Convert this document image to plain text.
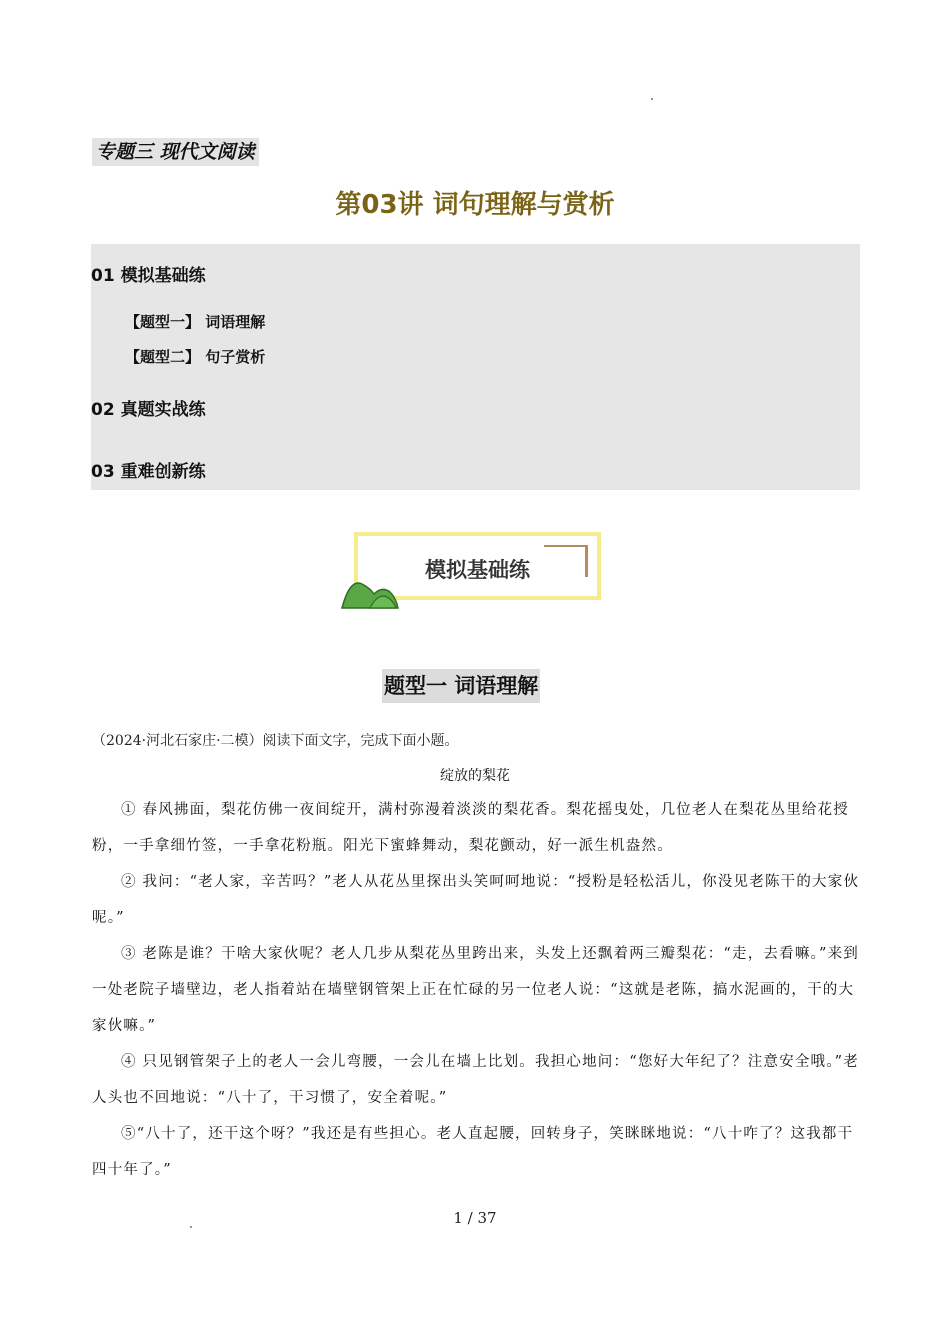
专题三 现代文阅读
第03讲 词句理解与赏析
01 模拟基础练
【题型一】 词语理解
【题型二】 句子赏析
02 真题实战练
03 重难创新练
模拟基础练
题型一 词语理解
（2024·河北石家庄·二模）阅读下面文字，完成下面小题。
绽放的梨花

① 春风拂面，梨花仿佛一夜间绽开，满村弥漫着淡淡的梨花香。梨花摇曳处，几位老人在梨花丛里给花授粉，一手拿细竹签，一手拿花粉瓶。阳光下蜜蜂舞动，梨花颤动，好一派生机盎然。

② 我问：“老人家，辛苦吗？”老人从花丛里探出头笑呵呵地说：“授粉是轻松活儿，你没见老陈干的大家伙呢。”

③ 老陈是谁？干啥大家伙呢？老人几步从梨花丛里跨出来，头发上还飘着两三瓣梨花：“走，去看嘛。”来到一处老院子墙壁边，老人指着站在墙壁钢管架上正在忙碌的另一位老人说：“这就是老陈，搞水泥画的，干的大家伙嘛。”

④ 只见钢管架子上的老人一会儿弯腰，一会儿在墙上比划。我担心地问：“您好大年纪了？注意安全哦。”老人头也不回地说：“八十了，干习惯了，安全着呢。”

⑤“八十了，还干这个呀？”我还是有些担心。老人直起腰，回转身子，笑眯眯地说：“八十咋了？这我都干四十年了。”

1 / 37
